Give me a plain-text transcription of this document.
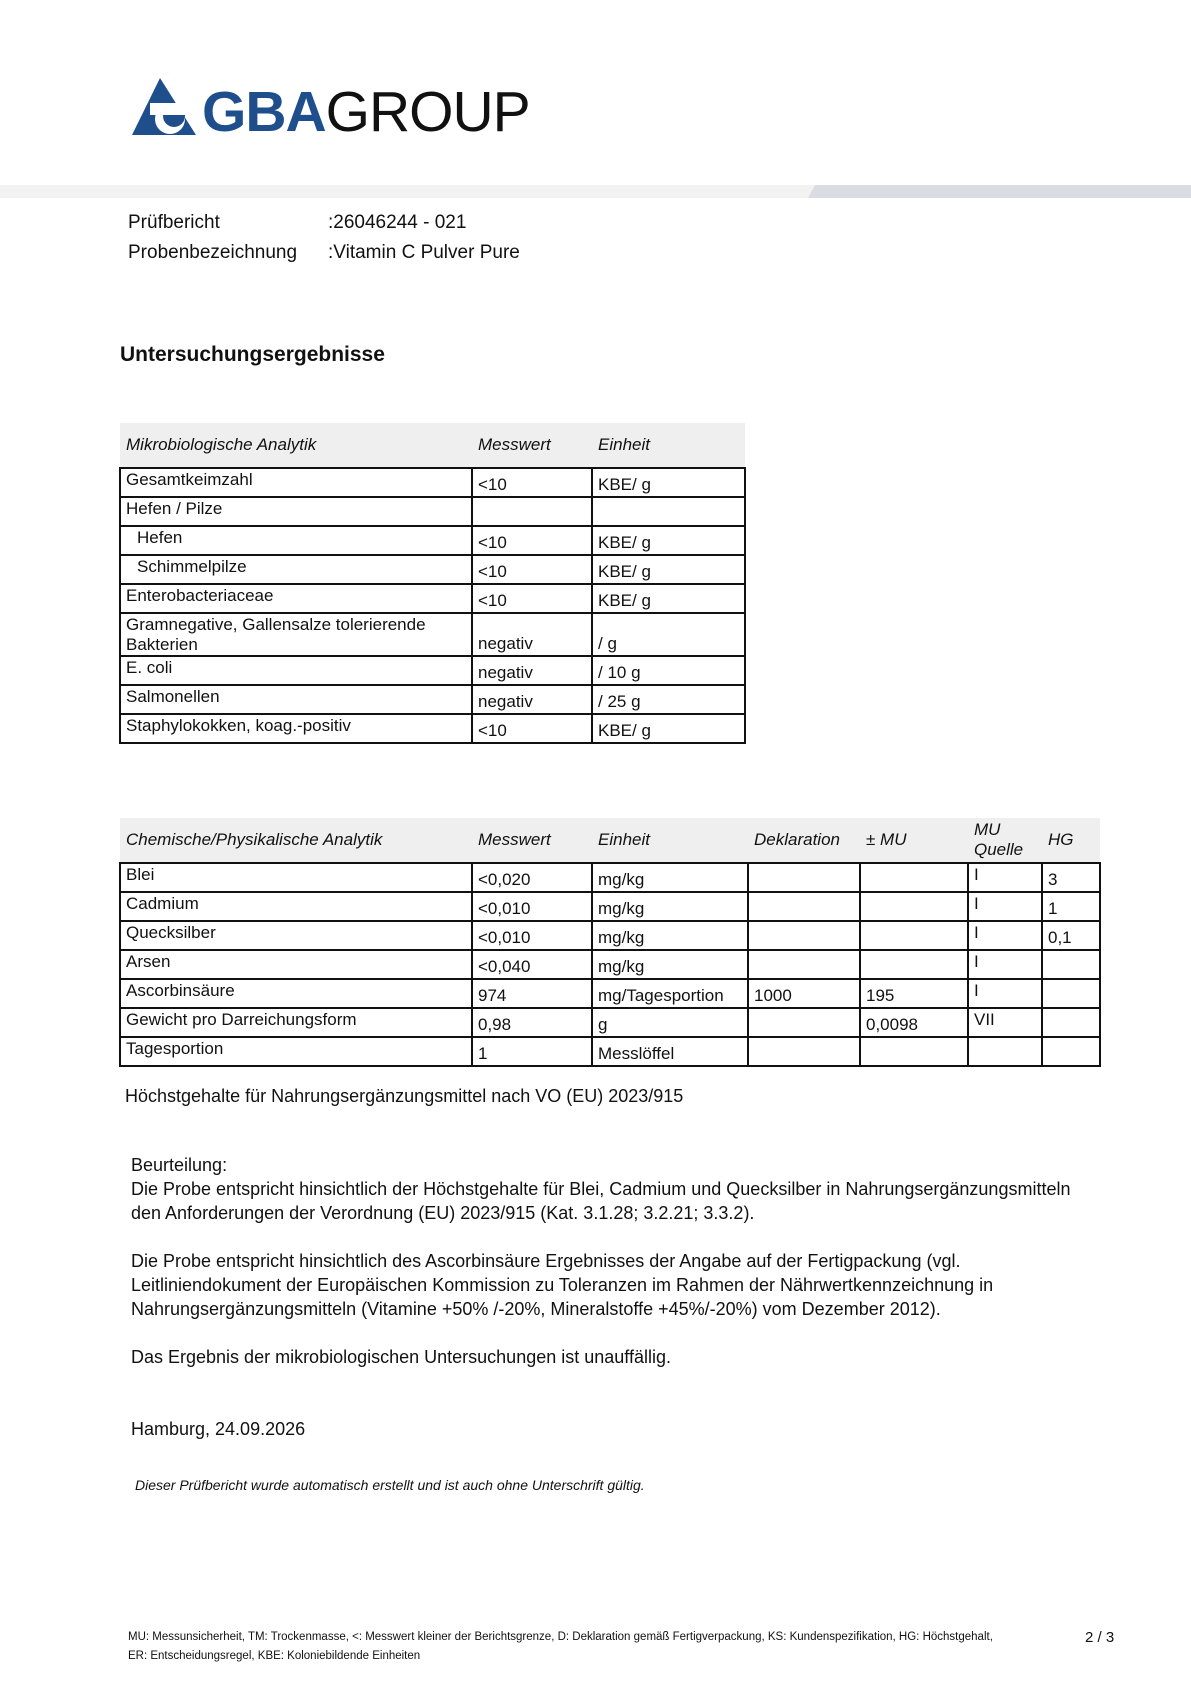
GBAGROUP
Prüfbericht	:26046244 - 021
Probenbezeichnung	:Vitamin C Pulver Pure
Untersuchungsergebnisse
Mikrobiologische Analytik	Messwert	Einheit
Gesamtkeimzahl	<10	KBE/ g
Hefen / Pilze		
Hefen	<10	KBE/ g
Schimmelpilze	<10	KBE/ g
Enterobacteriaceae	<10	KBE/ g
Gramnegative, Gallensalze tolerierende Bakterien	negativ	/ g
E. coli	negativ	/ 10 g
Salmonellen	negativ	/ 25 g
Staphylokokken, koag.-positiv	<10	KBE/ g
Chemische/Physikalische Analytik	Messwert	Einheit	Deklaration	± MU	MU Quelle	HG
Blei	<0,020	mg/kg			I	3
Cadmium	<0,010	mg/kg			I	1
Quecksilber	<0,010	mg/kg			I	0,1
Arsen	<0,040	mg/kg			I	
Ascorbinsäure	974	mg/Tagesportion	1000	195	I	
Gewicht pro Darreichungsform	0,98	g		0,0098	VII	
Tagesportion	1	Messlöffel				
Höchstgehalte für Nahrungsergänzungsmittel nach VO (EU) 2023/915
Beurteilung:

Die Probe entspricht hinsichtlich der Höchstgehalte für Blei, Cadmium und Quecksilber in Nahrungsergänzungsmitteln den Anforderungen der Verordnung (EU) 2023/915 (Kat. 3.1.28; 3.2.21; 3.3.2).

Die Probe entspricht hinsichtlich des Ascorbinsäure Ergebnisses der Angabe auf der Fertigpackung (vgl. Leitliniendokument der Europäischen Kommission zu Toleranzen im Rahmen der Nährwertkennzeichnung in Nahrungsergänzungsmitteln (Vitamine +50% /-20%, Mineralstoffe +45%/-20%) vom Dezember 2012).

Das Ergebnis der mikrobiologischen Untersuchungen ist unauffällig.

Hamburg, 24.09.2026
Dieser Prüfbericht wurde automatisch erstellt und ist auch ohne Unterschrift gültig.
MU: Messunsicherheit, TM: Trockenmasse, <: Messwert kleiner der Berichtsgrenze, D: Deklaration gemäß Fertigverpackung, KS: Kundenspezifikation, HG: Höchstgehalt,
ER: Entscheidungsregel, KBE: Koloniebildende Einheiten
2 / 3
